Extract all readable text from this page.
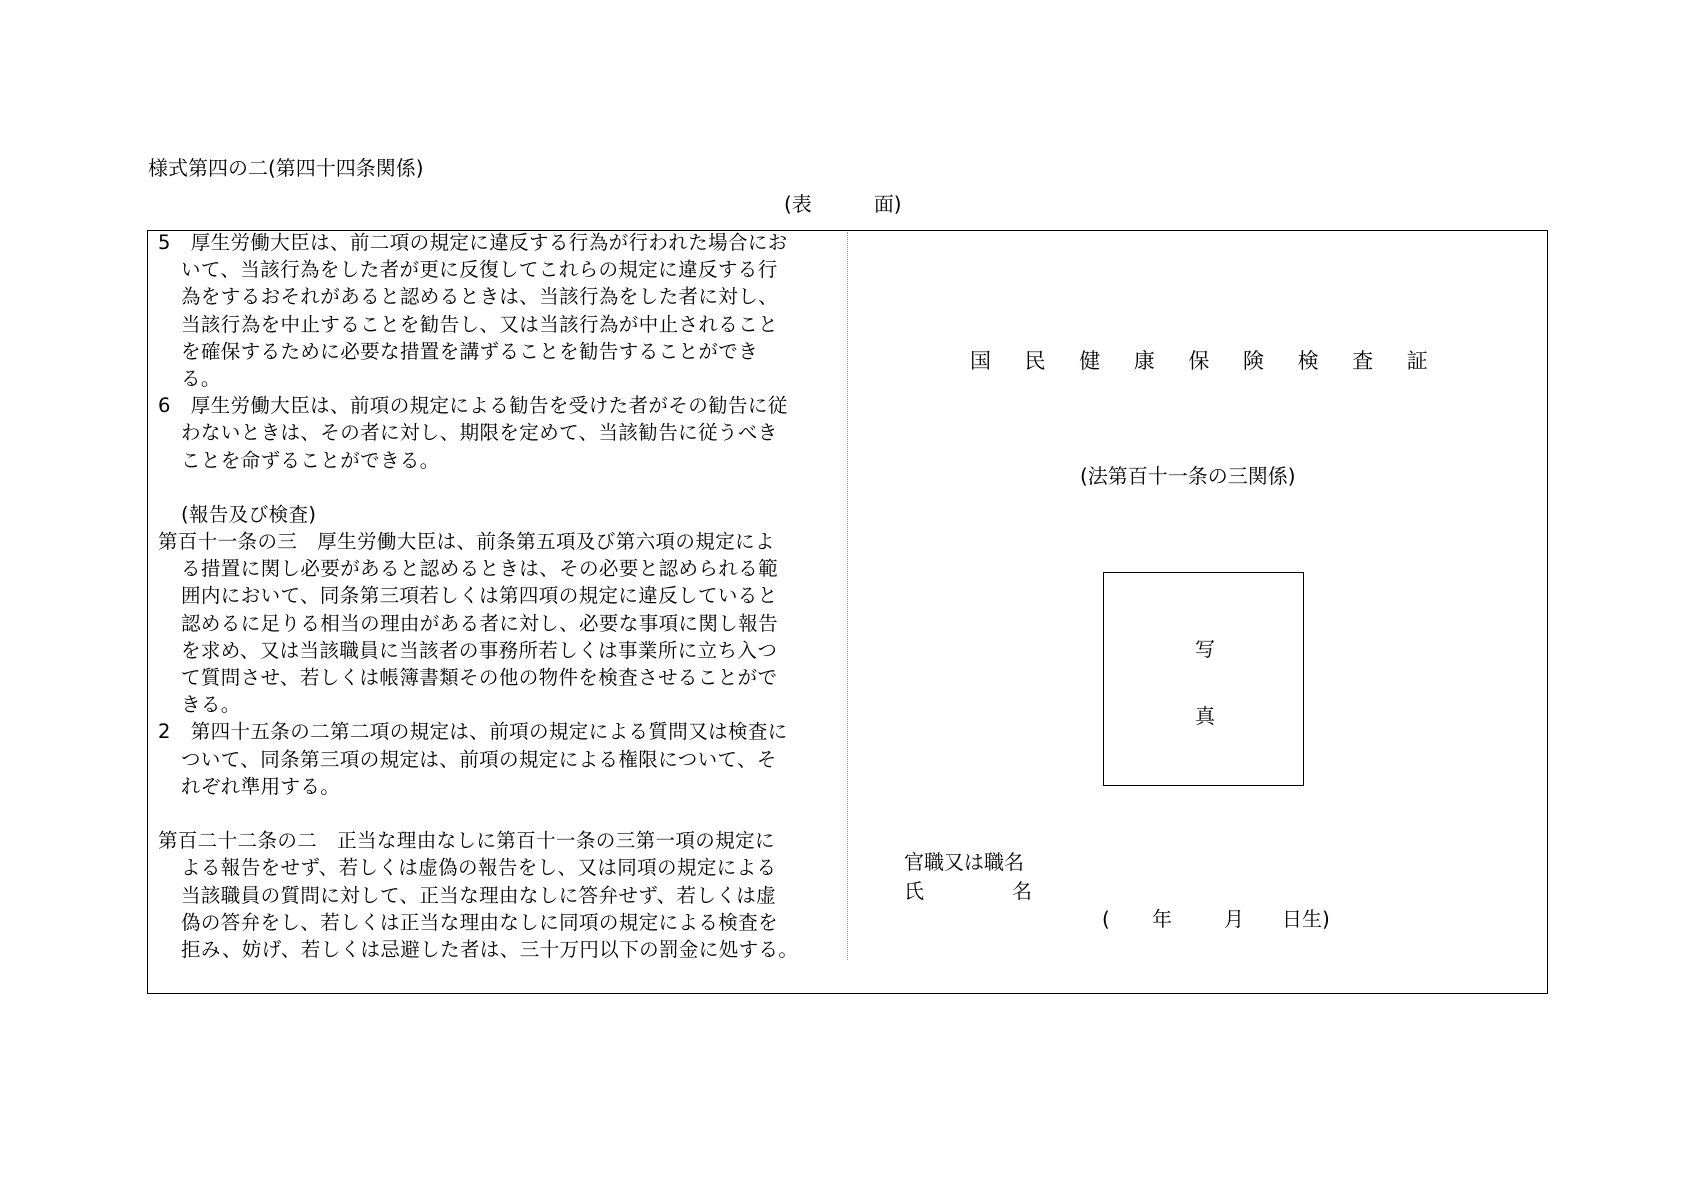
様式第四の二(第四十四条関係)
(表	面)
5　厚生労働大臣は、前二項の規定に違反する行為が行われた場合にお
いて、当該行為をした者が更に反復してこれらの規定に違反する行
為をするおそれがあると認めるときは、当該行為をした者に対し、
当該行為を中止することを勧告し、又は当該行為が中止されること
を確保するために必要な措置を講ずることを勧告することができ
る。
6　厚生労働大臣は、前項の規定による勧告を受けた者がその勧告に従
わないときは、その者に対し、期限を定めて、当該勧告に従うべき
ことを命ずることができる。
(報告及び検査)
第百十一条の三　厚生労働大臣は、前条第五項及び第六項の規定によ
る措置に関し必要があると認めるときは、その必要と認められる範
囲内において、同条第三項若しくは第四項の規定に違反していると
認めるに足りる相当の理由がある者に対し、必要な事項に関し報告
を求め、又は当該職員に当該者の事務所若しくは事業所に立ち入つ
て質問させ、若しくは帳簿書類その他の物件を検査させることがで
きる。
2　第四十五条の二第二項の規定は、前項の規定による質問又は検査に
ついて、同条第三項の規定は、前項の規定による権限について、そ
れぞれ準用する。
第百二十二条の二　正当な理由なしに第百十一条の三第一項の規定に
よる報告をせず、若しくは虚偽の報告をし、又は同項の規定による
当該職員の質問に対して、正当な理由なしに答弁せず、若しくは虚
偽の答弁をし、若しくは正当な理由なしに同項の規定による検査を
拒み、妨げ、若しくは忌避した者は、三十万円以下の罰金に処する。
国 民 健 康 保 険 検 査 証
(法第百十一条の三関係)
写
真
官職又は職名
氏	名
( 年	月 日生)
